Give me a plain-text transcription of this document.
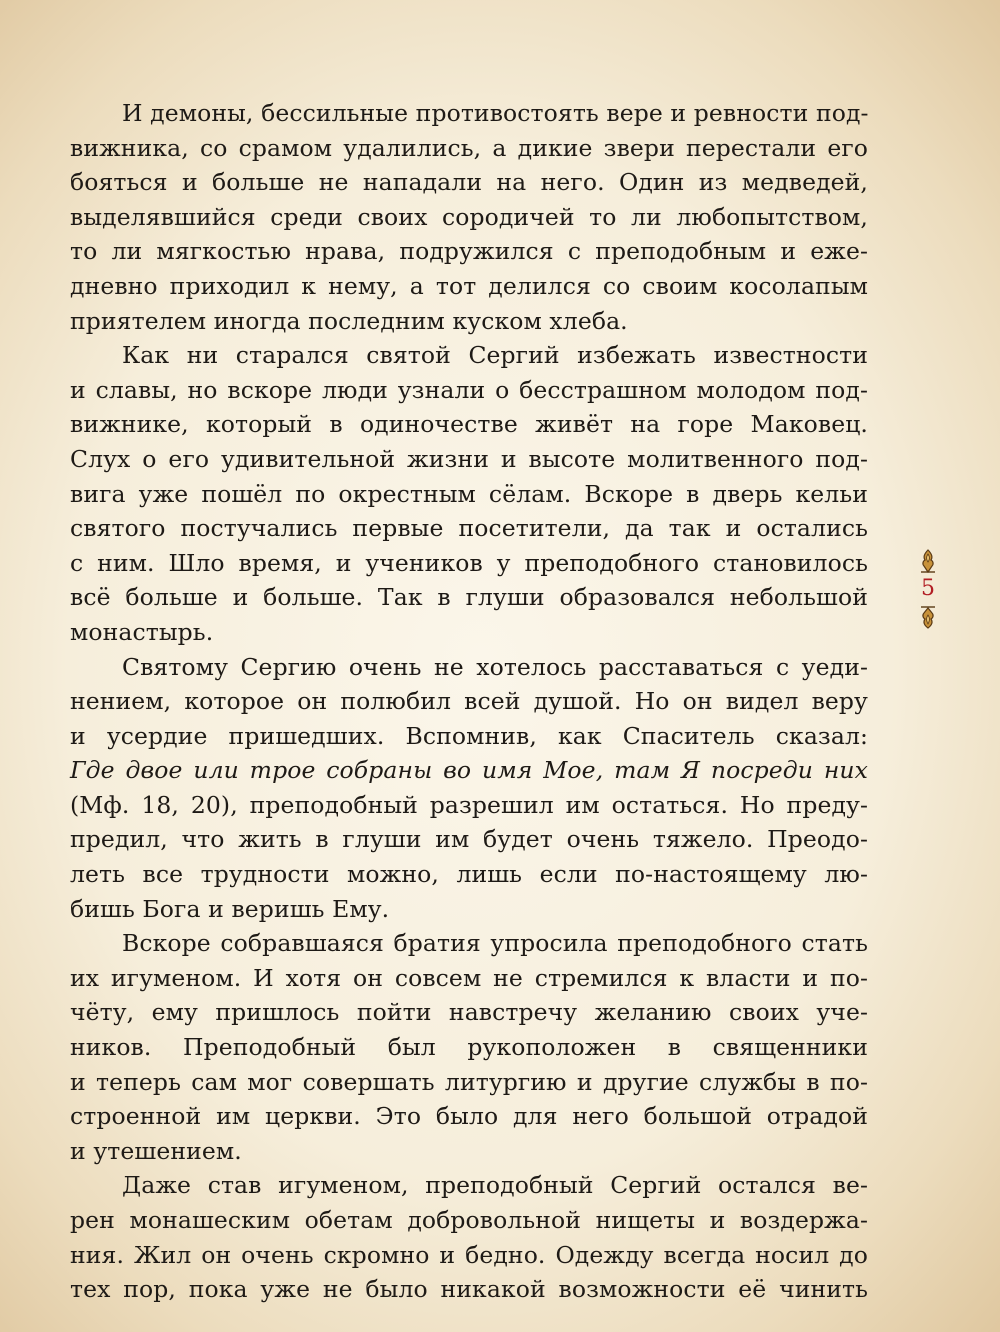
И демоны, бессильные противостоять вере и ревности под-
вижника, со срамом удалились, а дикие звери перестали его
бояться и больше не нападали на него. Один из медведей,
выделявшийся среди своих сородичей то ли любопытством,
то ли мягкостью нрава, подружился с преподобным и еже-
дневно приходил к нему, а тот делился со своим косолапым
приятелем иногда последним куском хлеба.
Как ни старался святой Сергий избежать известности
и славы, но вскоре люди узнали о бесстрашном молодом под-
вижнике, который в одиночестве живёт на горе Маковец.
Слух о его удивительной жизни и высоте молитвенного под-
вига уже пошёл по окрестным сёлам. Вскоре в дверь кельи
святого постучались первые посетители, да так и остались
с ним. Шло время, и учеников у преподобного становилось
всё больше и больше. Так в глуши образовался небольшой
монастырь.
Святому Сергию очень не хотелось расставаться с уеди-
нением, которое он полюбил всей душой. Но он видел веру
и усердие пришедших. Вспомнив, как Спаситель сказал:
Где двое или трое собраны во имя Мое, там Я посреди них
(Мф. 18, 20), преподобный разрешил им остаться. Но преду-
предил, что жить в глуши им будет очень тяжело. Преодо-
леть все трудности можно, лишь если по-настоящему лю-
бишь Бога и веришь Ему.
Вскоре собравшаяся братия упросила преподобного стать
их игуменом. И хотя он совсем не стремился к власти и по-
чёту, ему пришлось пойти навстречу желанию своих уче-
ников. Преподобный был рукоположен в священники
и теперь сам мог совершать литургию и другие службы в по-
строенной им церкви. Это было для него большой отрадой
и утешением.
Даже став игуменом, преподобный Сергий остался ве-
рен монашеским обетам добровольной нищеты и воздержа-
ния. Жил он очень скромно и бедно. Одежду всегда носил до
тех пор, пока уже не было никакой возможности её чинить
5
